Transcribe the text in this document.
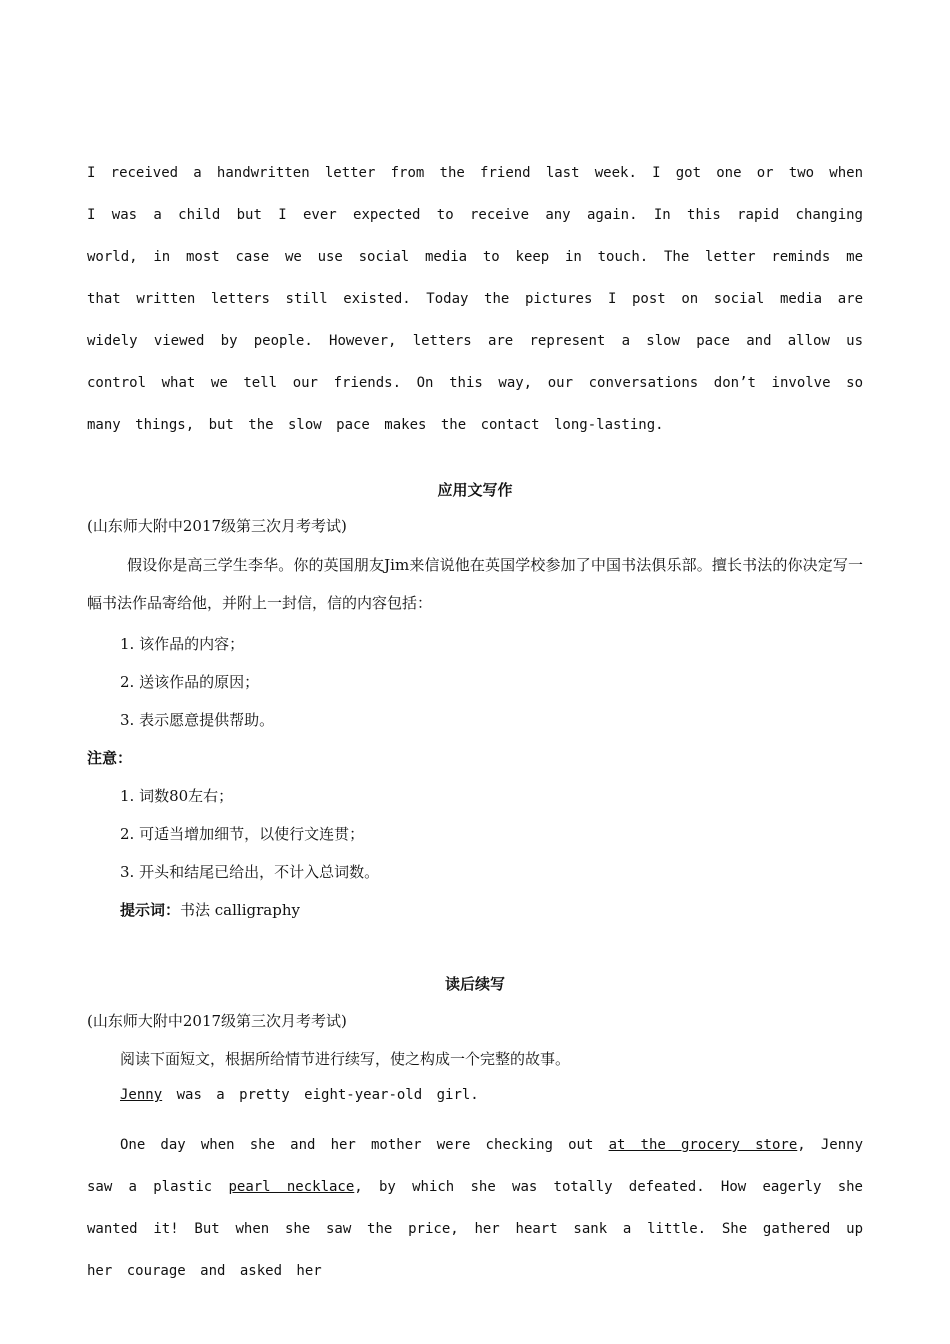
I received a handwritten letter from the friend last week. I got one or two when I was a child but I ever expected to receive any again. In this rapid changing world, in most case we use social media to keep in touch. The letter reminds me that written letters still existed. Today the pictures I post on social media are widely viewed by people. However, letters are represent a slow pace and allow us control what we tell our friends. On this way, our conversations don’t involve so many things, but the slow pace makes the contact long-lasting.
应用文写作
(山东师大附中2017级第三次月考考试)
假设你是高三学生李华。你的英国朋友Jim来信说他在英国学校参加了中国书法俱乐部。擅长书法的你决定写一幅书法作品寄给他，并附上一封信，信的内容包括：
1. 该作品的内容；
2. 送该作品的原因；
3. 表示愿意提供帮助。
注意：
1. 词数80左右；
2. 可适当增加细节，以使行文连贯；
3. 开头和结尾已给出，不计入总词数。
提示词：书法 calligraphy
读后续写
(山东师大附中2017级第三次月考考试)
阅读下面短文，根据所给情节进行续写，使之构成一个完整的故事。
Jenny was a pretty eight-year-old girl.
One day when she and her mother were checking out at the grocery store, Jenny saw a plastic pearl necklace, by which she was totally defeated. How eagerly she wanted it! But when she saw the price, her heart sank a little. She gathered up her courage and asked her
